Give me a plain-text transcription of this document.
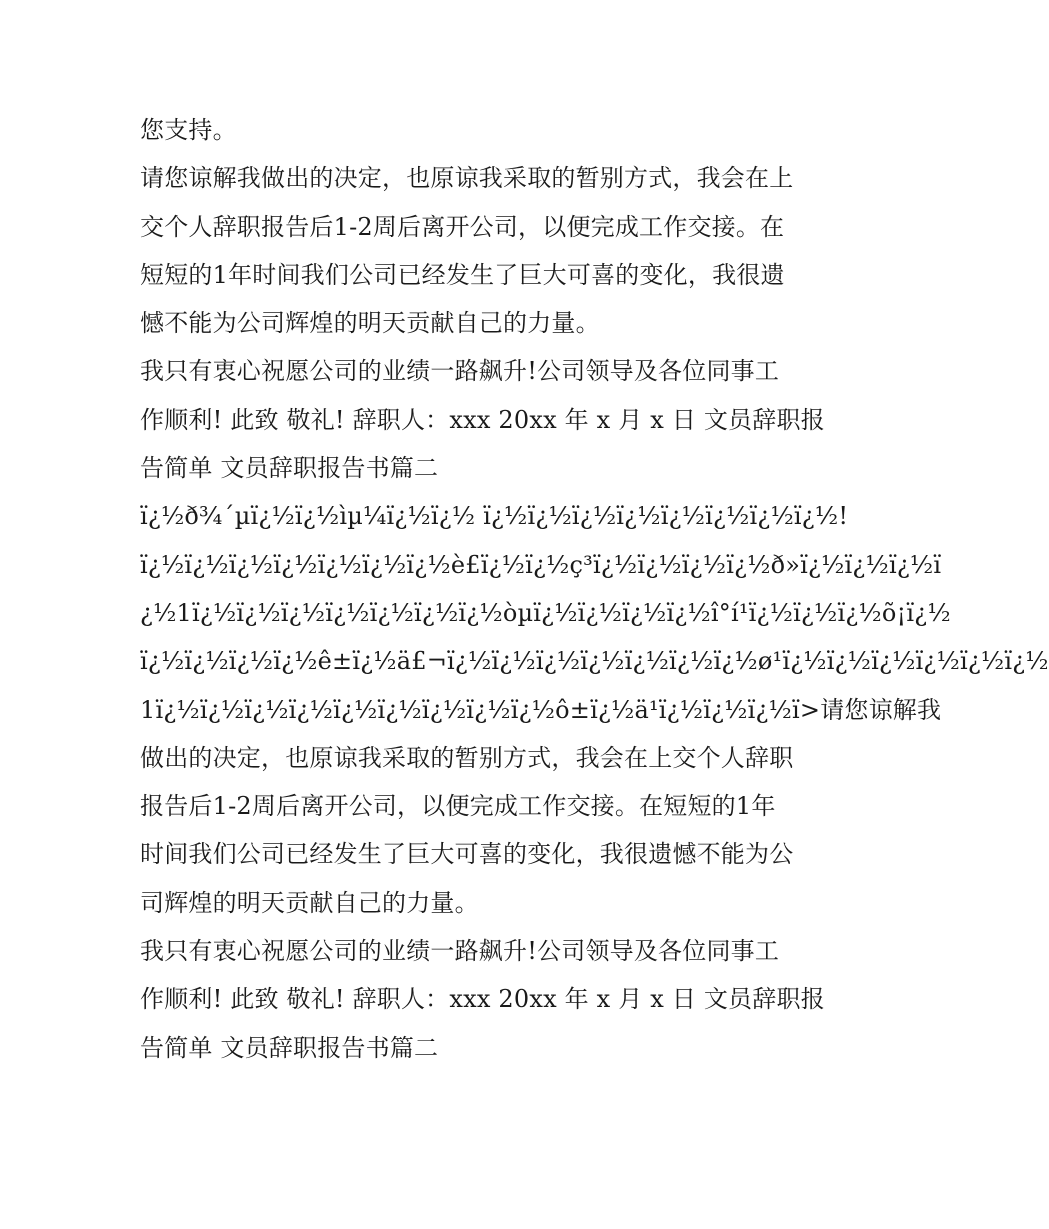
您支持。

请您谅解我做出的决定，也原谅我采取的暂别方式，我会在上
交个人辞职报告后1-2周后离开公司，以便完成工作交接。在
短短的1年时间我们公司已经发生了巨大可喜的变化，我很遗
憾不能为公司辉煌的明天贡献自己的力量。

我只有衷心祝愿公司的业绩一路飙升!公司领导及各位同事工
作顺利! 此致 敬礼! 辞职人：xxx 20xx 年 x 月 x 日 文员辞职报
告简单 文员辞职报告书篇二

ï¿½ð¾´µï¿½ï¿½ìµ¼ï¿½ï¿½ ï¿½ï¿½ï¿½ï¿½ï¿½ï¿½ï¿½ï¿½!
ï¿½ï¿½ï¿½ï¿½ï¿½ï¿½ï¿½è£ï¿½ï¿½ç³ï¿½ï¿½ï¿½ï¿½ð»ï¿½ï¿½ï¿½ï
¿½1ï¿½ï¿½ï¿½ï¿½ï¿½ï¿½ï¿½òµï¿½ï¿½ï¿½ï¿½î°í¹ï¿½ï¿½ï¿½õ¡ï¿½
ï¿½ï¿½ï¿½ï¿½ê±ï¿½ä£¬ï¿½ï¿½ï¿½ï¿½ï¿½ï¿½ï¿½ø¹ï¿½ï¿½ï¿½ï¿½ï¿½ï¿½
1ï¿½ï¿½ï¿½ï¿½ï¿½ï¿½ï¿½ï¿½ï¿½ô±ï¿½ä¹ï¿½ï¿½ï¿½ï>请您谅解我
做出的决定，也原谅我采取的暂别方式，我会在上交个人辞职
报告后1-2周后离开公司，以便完成工作交接。在短短的1年
时间我们公司已经发生了巨大可喜的变化，我很遗憾不能为公
司辉煌的明天贡献自己的力量。

我只有衷心祝愿公司的业绩一路飙升!公司领导及各位同事工
作顺利! 此致 敬礼! 辞职人：xxx 20xx 年 x 月 x 日 文员辞职报
告简单 文员辞职报告书篇二
